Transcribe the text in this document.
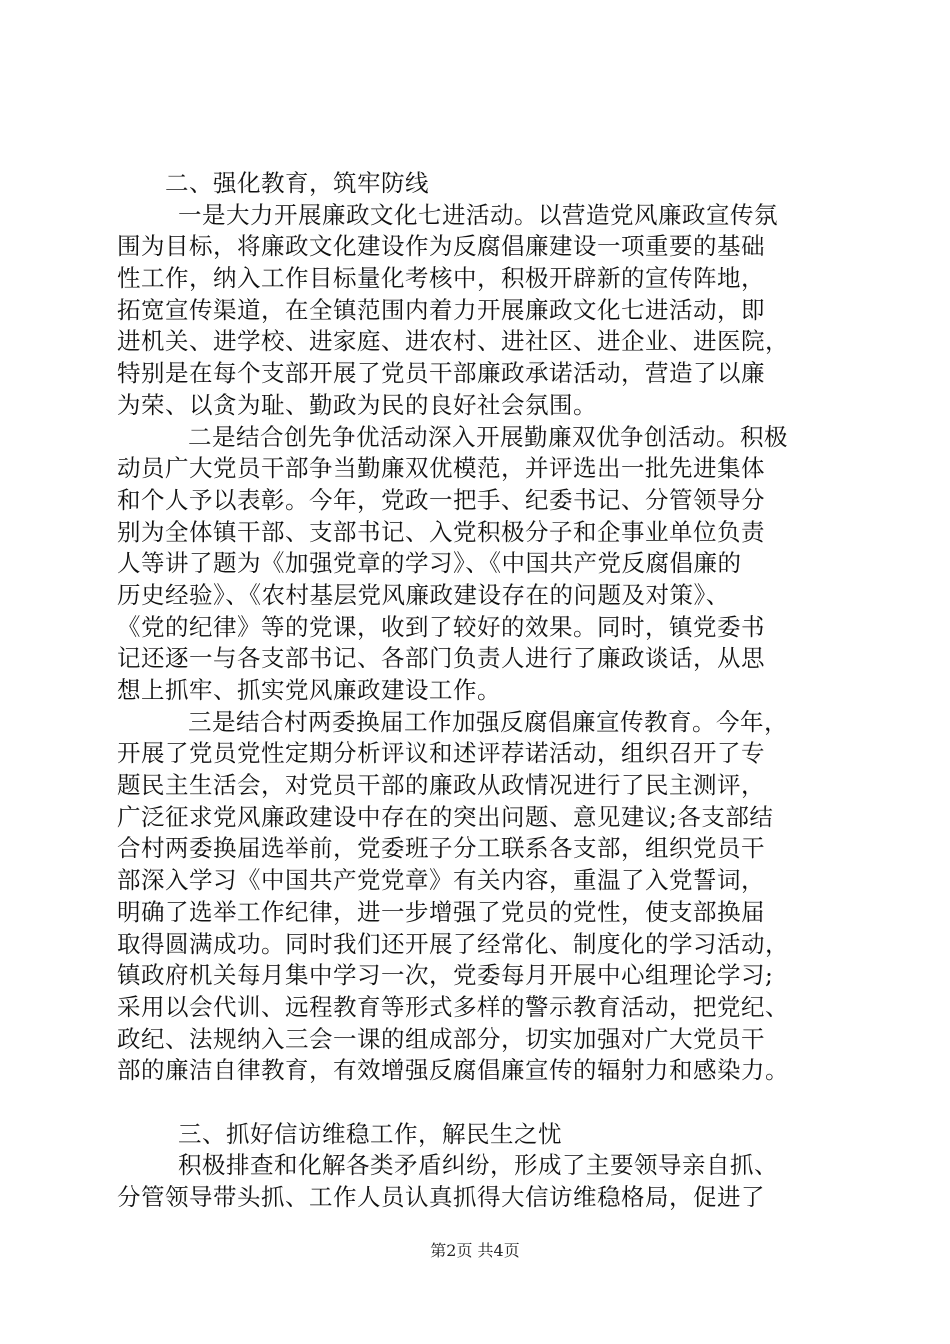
二、强化教育，筑牢防线
一是大力开展廉政文化七进活动。以营造党风廉政宣传氛
围为目标，将廉政文化建设作为反腐倡廉建设一项重要的基础
性工作，纳入工作目标量化考核中，积极开辟新的宣传阵地，
拓宽宣传渠道，在全镇范围内着力开展廉政文化七进活动，即
进机关、进学校、进家庭、进农村、进社区、进企业、进医院，
特别是在每个支部开展了党员干部廉政承诺活动，营造了以廉
为荣、以贪为耻、勤政为民的良好社会氛围。
二是结合创先争优活动深入开展勤廉双优争创活动。积极
动员广大党员干部争当勤廉双优模范，并评选出一批先进集体
和个人予以表彰。今年，党政一把手、纪委书记、分管领导分
别为全体镇干部、支部书记、入党积极分子和企事业单位负责
人等讲了题为《加强党章的学习》、《中国共产党反腐倡廉的
历史经验》、《农村基层党风廉政建设存在的问题及对策》、
《党的纪律》等的党课，收到了较好的效果。同时，镇党委书
记还逐一与各支部书记、各部门负责人进行了廉政谈话，从思
想上抓牢、抓实党风廉政建设工作。
三是结合村两委换届工作加强反腐倡廉宣传教育。今年，
开展了党员党性定期分析评议和述评荐诺活动，组织召开了专
题民主生活会，对党员干部的廉政从政情况进行了民主测评，
广泛征求党风廉政建设中存在的突出问题、意见建议;各支部结
合村两委换届选举前，党委班子分工联系各支部，组织党员干
部深入学习《中国共产党党章》有关内容，重温了入党誓词，
明确了选举工作纪律，进一步增强了党员的党性，使支部换届
取得圆满成功。同时我们还开展了经常化、制度化的学习活动，
镇政府机关每月集中学习一次，党委每月开展中心组理论学习;
采用以会代训、远程教育等形式多样的警示教育活动，把党纪、
政纪、法规纳入三会一课的组成部分，切实加强对广大党员干
部的廉洁自律教育，有效增强反腐倡廉宣传的辐射力和感染力。
三、抓好信访维稳工作，解民生之忧
积极排查和化解各类矛盾纠纷，形成了主要领导亲自抓、
分管领导带头抓、工作人员认真抓得大信访维稳格局，促进了
第2页 共4页
